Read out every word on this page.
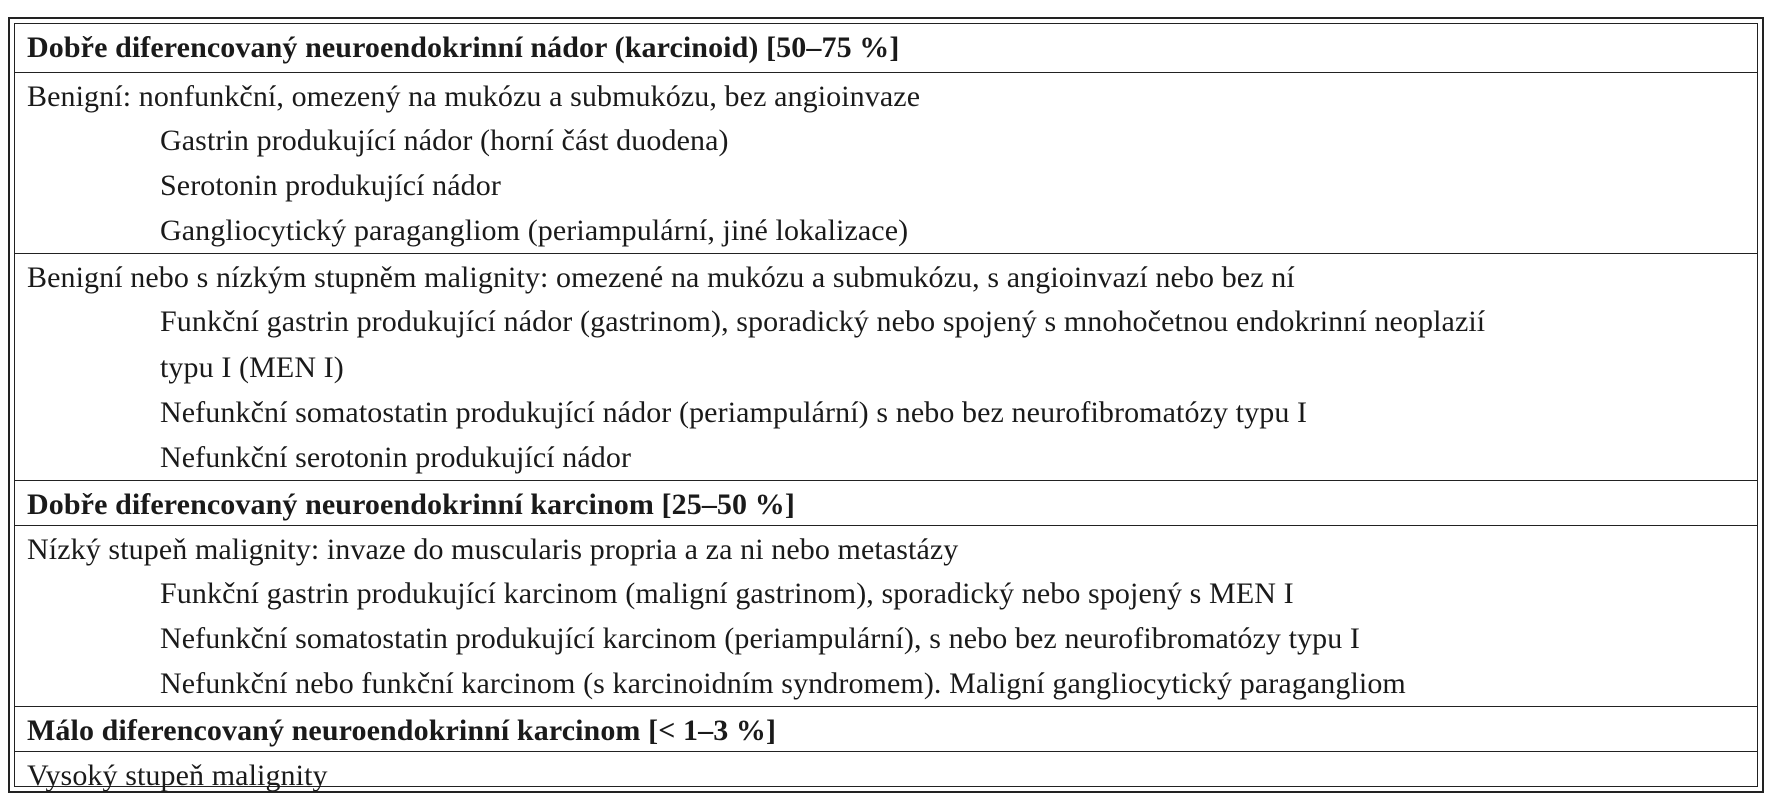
Dobře diferencovaný neuroendokrinní nádor (karcinoid) [50–75 %]
Benigní: nonfunkční, omezený na mukózu a submukózu, bez angioinvaze
Gastrin produkující nádor (horní část duodena)
Serotonin produkující nádor
Gangliocytický paragangliom (periampulární, jiné lokalizace)
Benigní nebo s nízkým stupněm malignity: omezené na mukózu a submukózu, s angioinvazí nebo bez ní
Funkční gastrin produkující nádor (gastrinom), sporadický nebo spojený s mnohočetnou endokrinní neoplazií
typu I (MEN I)
Nefunkční somatostatin produkující nádor (periampulární) s nebo bez neurofibromatózy typu I
Nefunkční serotonin produkující nádor
Dobře diferencovaný neuroendokrinní karcinom [25–50 %]
Nízký stupeň malignity: invaze do muscularis propria a za ni nebo metastázy
Funkční gastrin produkující karcinom (maligní gastrinom), sporadický nebo spojený s MEN I
Nefunkční somatostatin produkující karcinom (periampulární), s nebo bez neurofibromatózy typu I
Nefunkční nebo funkční karcinom (s karcinoidním syndromem). Maligní gangliocytický paragangliom
Málo diferencovaný neuroendokrinní karcinom [< 1–3 %]
Vysoký stupeň malignity
